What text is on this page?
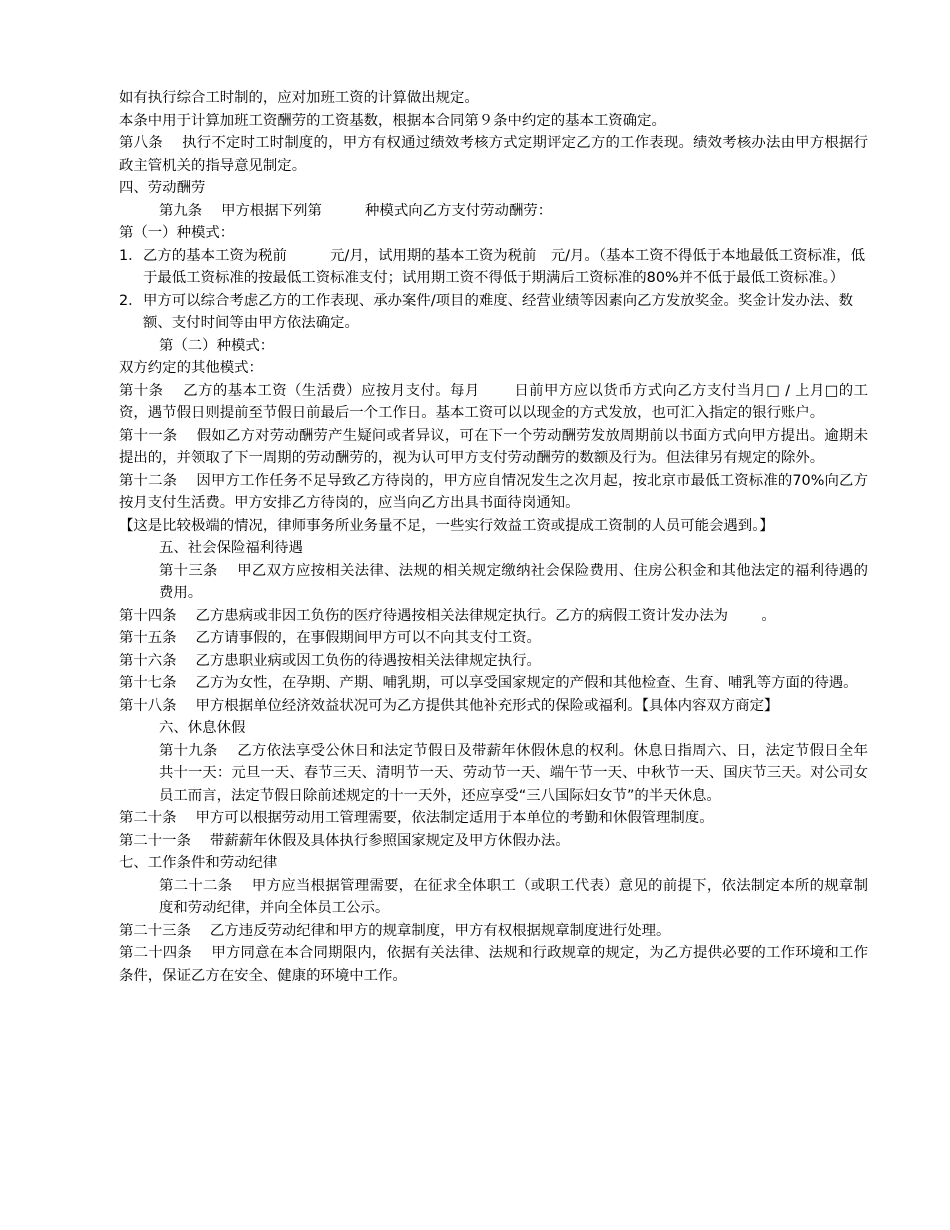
如有执行综合工时制的，应对加班工资的计算做出规定。

本条中用于计算加班工资酬劳的工资基数，根据本合同第９条中约定的基本工资确定。

第八条　 执行不定时工时制度的，甲方有权通过绩效考核方式定期评定乙方的工作表现。绩效考核办法由甲方根据行政主管机关的指导意见制定。

四、劳动酬劳

第九条　 甲方根据下列第　　　种模式向乙方支付劳动酬劳：

第（一）种模式：

1． 乙方的基本工资为税前　　　元/月，试用期的基本工资为税前　元/月。（基本工资不得低于本地最低工资标准，低于最低工资标准的按最低工资标准支付；试用期工资不得低于期满后工资标准的80%并不低于最低工资标准。）
2． 甲方可以综合考虑乙方的工作表现、承办案件/项目的难度、经营业绩等因素向乙方发放奖金。奖金计发办法、数额、支付时间等由甲方依法确定。

第（二）种模式：

双方约定的其他模式：

第十条　 乙方的基本工资（生活费）应按月支付。每月　　 日前甲方应以货币方式向乙方支付当月□ / 上月□的工资，遇节假日则提前至节假日前最后一个工作日。基本工资可以以现金的方式发放，也可汇入指定的银行账户。

第十一条　 假如乙方对劳动酬劳产生疑问或者异议，可在下一个劳动酬劳发放周期前以书面方式向甲方提出。逾期未提出的，并领取了下一周期的劳动酬劳的，视为认可甲方支付劳动酬劳的数额及行为。但法律另有规定的除外。

第十二条　 因甲方工作任务不足导致乙方待岗的，甲方应自情况发生之次月起，按北京市最低工资标准的70%向乙方按月支付生活费。甲方安排乙方待岗的，应当向乙方出具书面待岗通知。

【这是比较极端的情况，律师事务所业务量不足，一些实行效益工资或提成工资制的人员可能会遇到。】

五、社会保险福利待遇

第十三条　 甲乙双方应按相关法律、法规的相关规定缴纳社会保险费用、住房公积金和其他法定的福利待遇的费用。

第十四条　 乙方患病或非因工负伤的医疗待遇按相关法律规定执行。乙方的病假工资计发办法为　　 。

第十五条　 乙方请事假的，在事假期间甲方可以不向其支付工资。

第十六条　 乙方患职业病或因工负伤的待遇按相关法律规定执行。

第十七条　 乙方为女性，在孕期、产期、哺乳期，可以享受国家规定的产假和其他检查、生育、哺乳等方面的待遇。

第十八条　 甲方根据单位经济效益状况可为乙方提供其他补充形式的保险或福利。【具体内容双方商定】

六、休息休假

第十九条　 乙方依法享受公休日和法定节假日及带薪年休假休息的权利。休息日指周六、日，法定节假日全年共十一天：元旦一天、春节三天、清明节一天、劳动节一天、端午节一天、中秋节一天、国庆节三天。对公司女员工而言，法定节假日除前述规定的十一天外，还应享受“三八国际妇女节”的半天休息。

第二十条　 甲方可以根据劳动用工管理需要，依法制定适用于本单位的考勤和休假管理制度。

第二十一条　 带薪薪年休假及具体执行参照国家规定及甲方休假办法。

七、工作条件和劳动纪律

第二十二条　 甲方应当根据管理需要，在征求全体职工（或职工代表）意见的前提下，依法制定本所的规章制度和劳动纪律，并向全体员工公示。

第二十三条　 乙方违反劳动纪律和甲方的规章制度，甲方有权根据规章制度进行处理。

第二十四条　 甲方同意在本合同期限内，依据有关法律、法规和行政规章的规定，为乙方提供必要的工作环境和工作条件，保证乙方在安全、健康的环境中工作。
